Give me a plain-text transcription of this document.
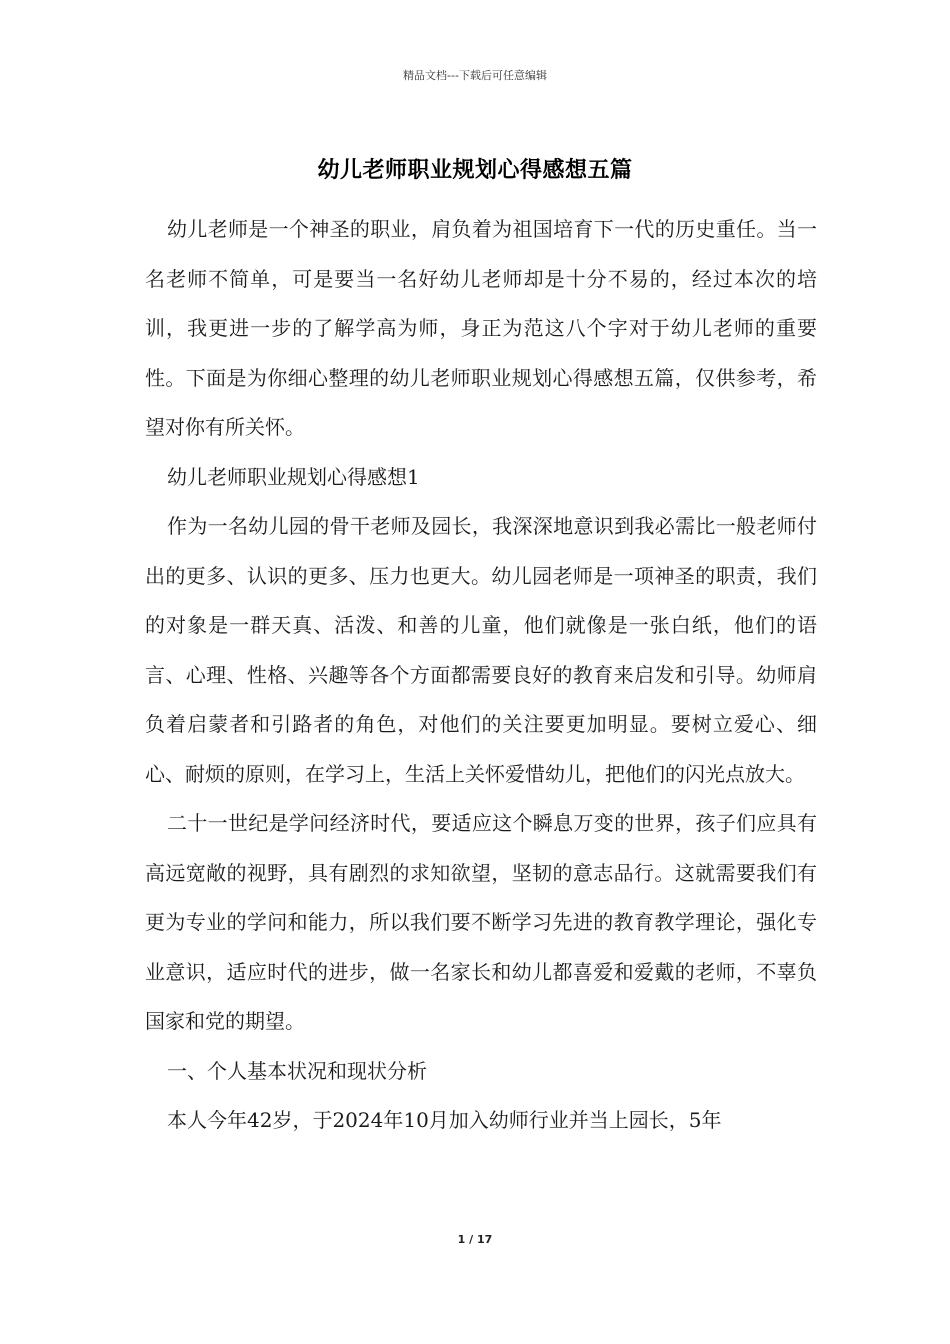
精品文档---下载后可任意编辑
幼儿老师职业规划心得感想五篇

幼儿老师是一个神圣的职业，肩负着为祖国培育下一代的历史重任。当一名老师不简单，可是要当一名好幼儿老师却是十分不易的，经过本次的培训，我更进一步的了解学高为师，身正为范这八个字对于幼儿老师的重要性。下面是为你细心整理的幼儿老师职业规划心得感想五篇，仅供参考，希望对你有所关怀。

幼儿老师职业规划心得感想1

作为一名幼儿园的骨干老师及园长，我深深地意识到我必需比一般老师付出的更多、认识的更多、压力也更大。幼儿园老师是一项神圣的职责，我们的对象是一群天真、活泼、和善的儿童，他们就像是一张白纸，他们的语言、心理、性格、兴趣等各个方面都需要良好的教育来启发和引导。幼师肩负着启蒙者和引路者的角色，对他们的关注要更加明显。要树立爱心、细心、耐烦的原则，在学习上，生活上关怀爱惜幼儿，把他们的闪光点放大。

二十一世纪是学问经济时代，要适应这个瞬息万变的世界，孩子们应具有高远宽敞的视野，具有剧烈的求知欲望，坚韧的意志品行。这就需要我们有更为专业的学问和能力，所以我们要不断学习先进的教育教学理论，强化专业意识，适应时代的进步，做一名家长和幼儿都喜爱和爱戴的老师，不辜负国家和党的期望。

一、个人基本状况和现状分析

本人今年42岁，于2024年10月加入幼师行业并当上园长，5年

1 / 17
